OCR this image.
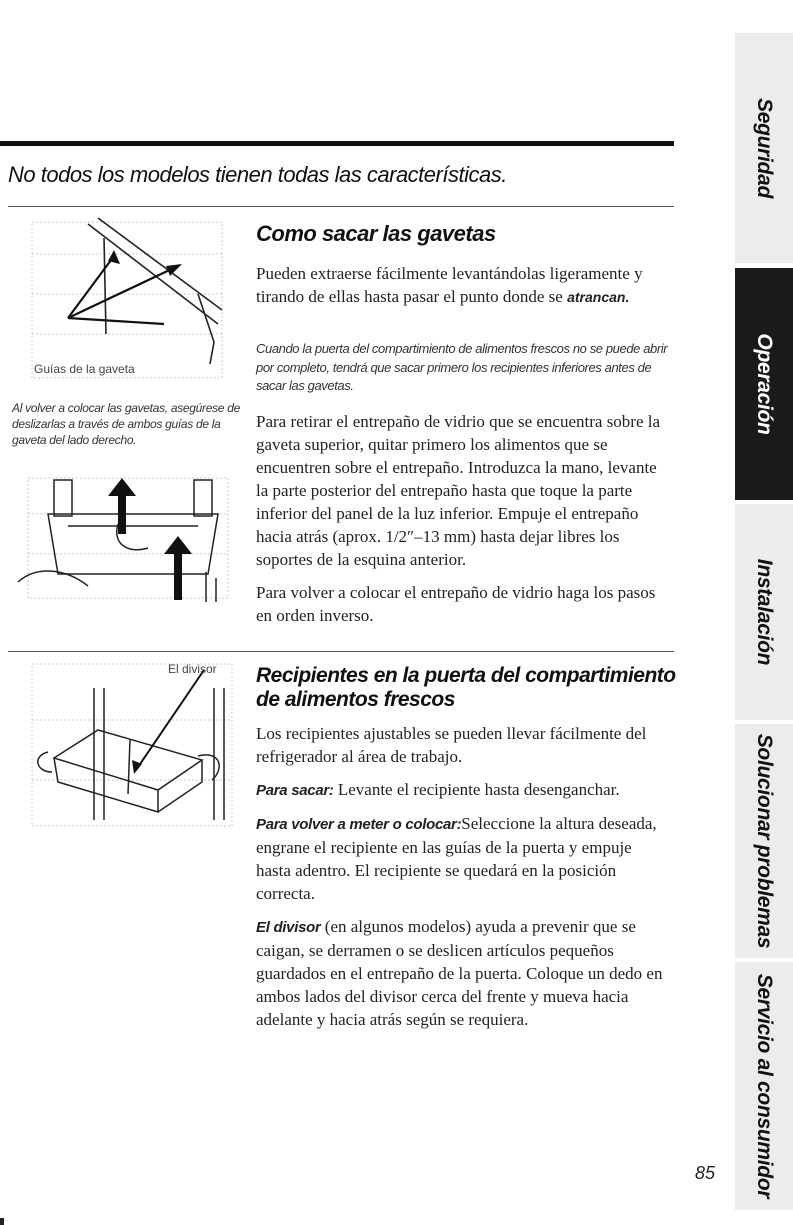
No todos los modelos tienen todas las características.
Guías de la gaveta
Al volver a colocar las gavetas, asegúrese de deslizarlas a través de ambos guías de la gaveta del lado derecho.
Como sacar las gavetas
Pueden extraerse fácilmente levantándolas ligeramente y tirando de ellas hasta pasar el punto donde se atrancan.
Cuando la puerta del compartimiento de alimentos frescos no se puede abrir por completo, tendrá que sacar primero los recipientes inferiores antes de sacar las gavetas.

Para retirar el entrepaño de vidrio que se encuentra sobre la gaveta superior, quitar primero los alimentos que se encuentren sobre el entrepaño. Introduzca la mano, levante la parte posterior del entrepaño hasta que toque la parte inferior del panel de la luz inferior. Empuje el entrepaño hacia atrás (aprox. 1/2″–13 mm) hasta dejar libres los soportes de la esquina anterior.

Para volver a colocar el entrepaño de vidrio haga los pasos en orden inverso.

El divisor Recipientes en la puerta del compartimiento de alimentos frescos

Los recipientes ajustables se pueden llevar fácilmente del refrigerador al área de trabajo.

Para sacar: Levante el recipiente hasta desenganchar.

Para volver a meter o colocar:Seleccione la altura deseada, engrane el recipiente en las guías de la puerta y empuje hasta adentro. El recipiente se quedará en la posición correcta.

El divisor (en algunos modelos) ayuda a prevenir que se caigan, se derramen o se deslicen artículos pequeños guardados en el entrepaño de la puerta. Coloque un dedo en ambos lados del divisor cerca del frente y mueva hacia adelante y hacia atrás según se requiera.

Seguridad
Operación
Instalación
Solucionar problemas
Servicio al consumidor
85
